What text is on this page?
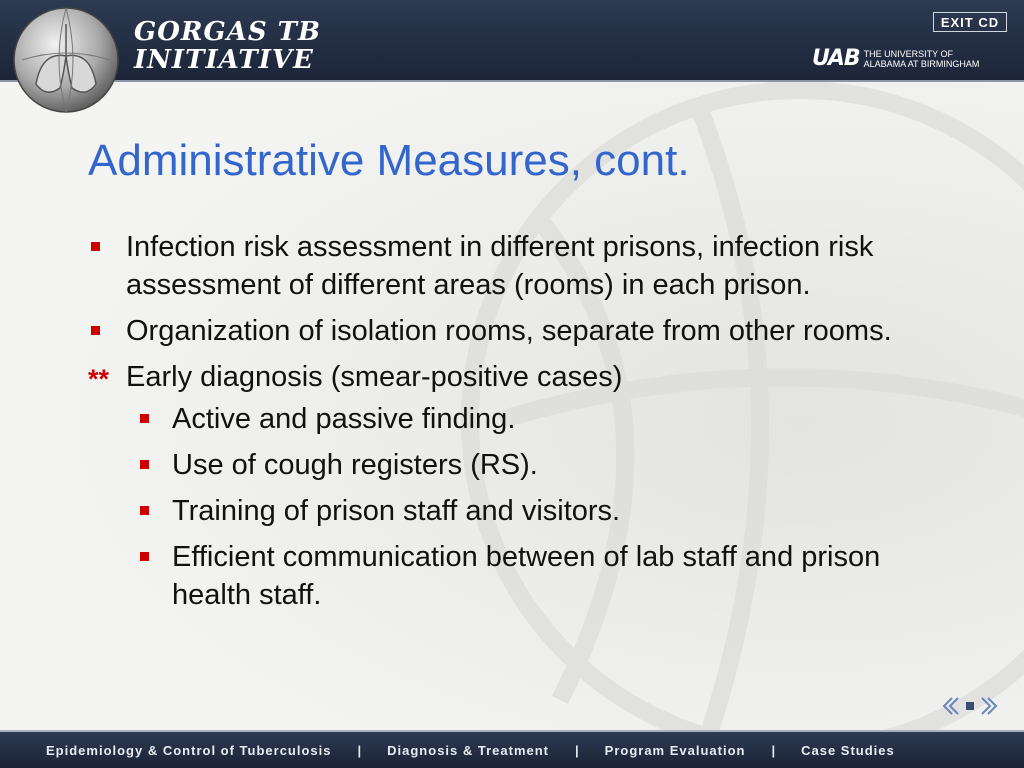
GORGAS TB
INITIATIVE
EXIT CD
UAB THE UNIVERSITY OF
ALABAMA AT BIRMINGHAM
Administrative Measures, cont.
Infection risk assessment in different prisons, infection risk assessment of different areas (rooms) in each prison.
Organization of isolation rooms, separate from other rooms.
** Early diagnosis (smear-positive cases)
Active and passive finding.
Use of cough registers (RS).
Training of prison staff and visitors.
Efficient communication between of lab staff and prison health staff.
Epidemiology & Control of Tuberculosis | Diagnosis & Treatment | Program Evaluation | Case Studies
